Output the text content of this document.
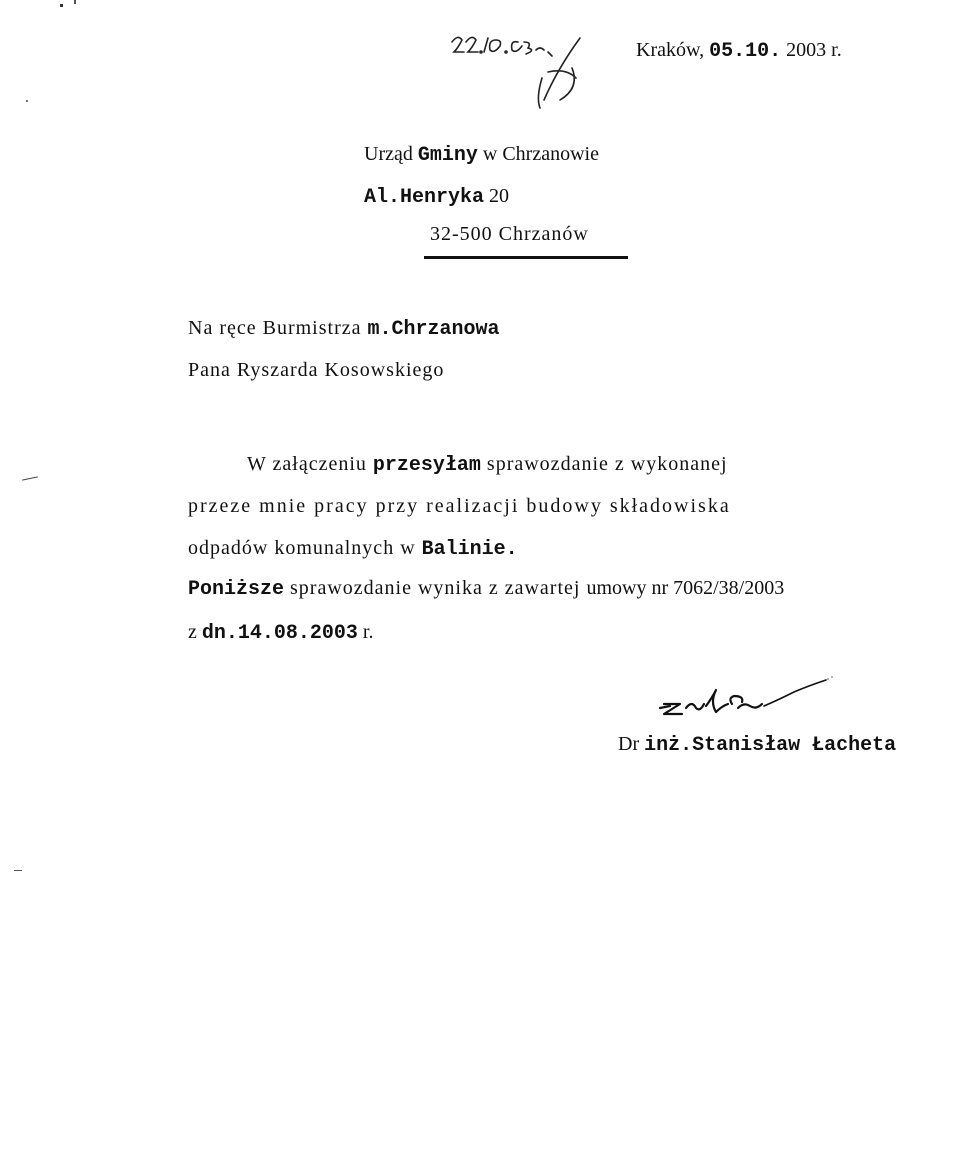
Kraków, 05.10. 2003 r.
Urząd Gminy w Chrzanowie
Al.Henryka 20
32-500 Chrzanów
Na ręce Burmistrza m.Chrzanowa
Pana Ryszarda Kosowskiego
W załączeniu przesyłam sprawozdanie z wykonanej
przeze mnie pracy przy realizacji budowy składowiska
odpadów komunalnych w Balinie.
Poniższe sprawozdanie wynika z zawartej umowy nr 7062/38/2003
z dn.14.08.2003 r.
Dr inż.Stanisław Łacheta
